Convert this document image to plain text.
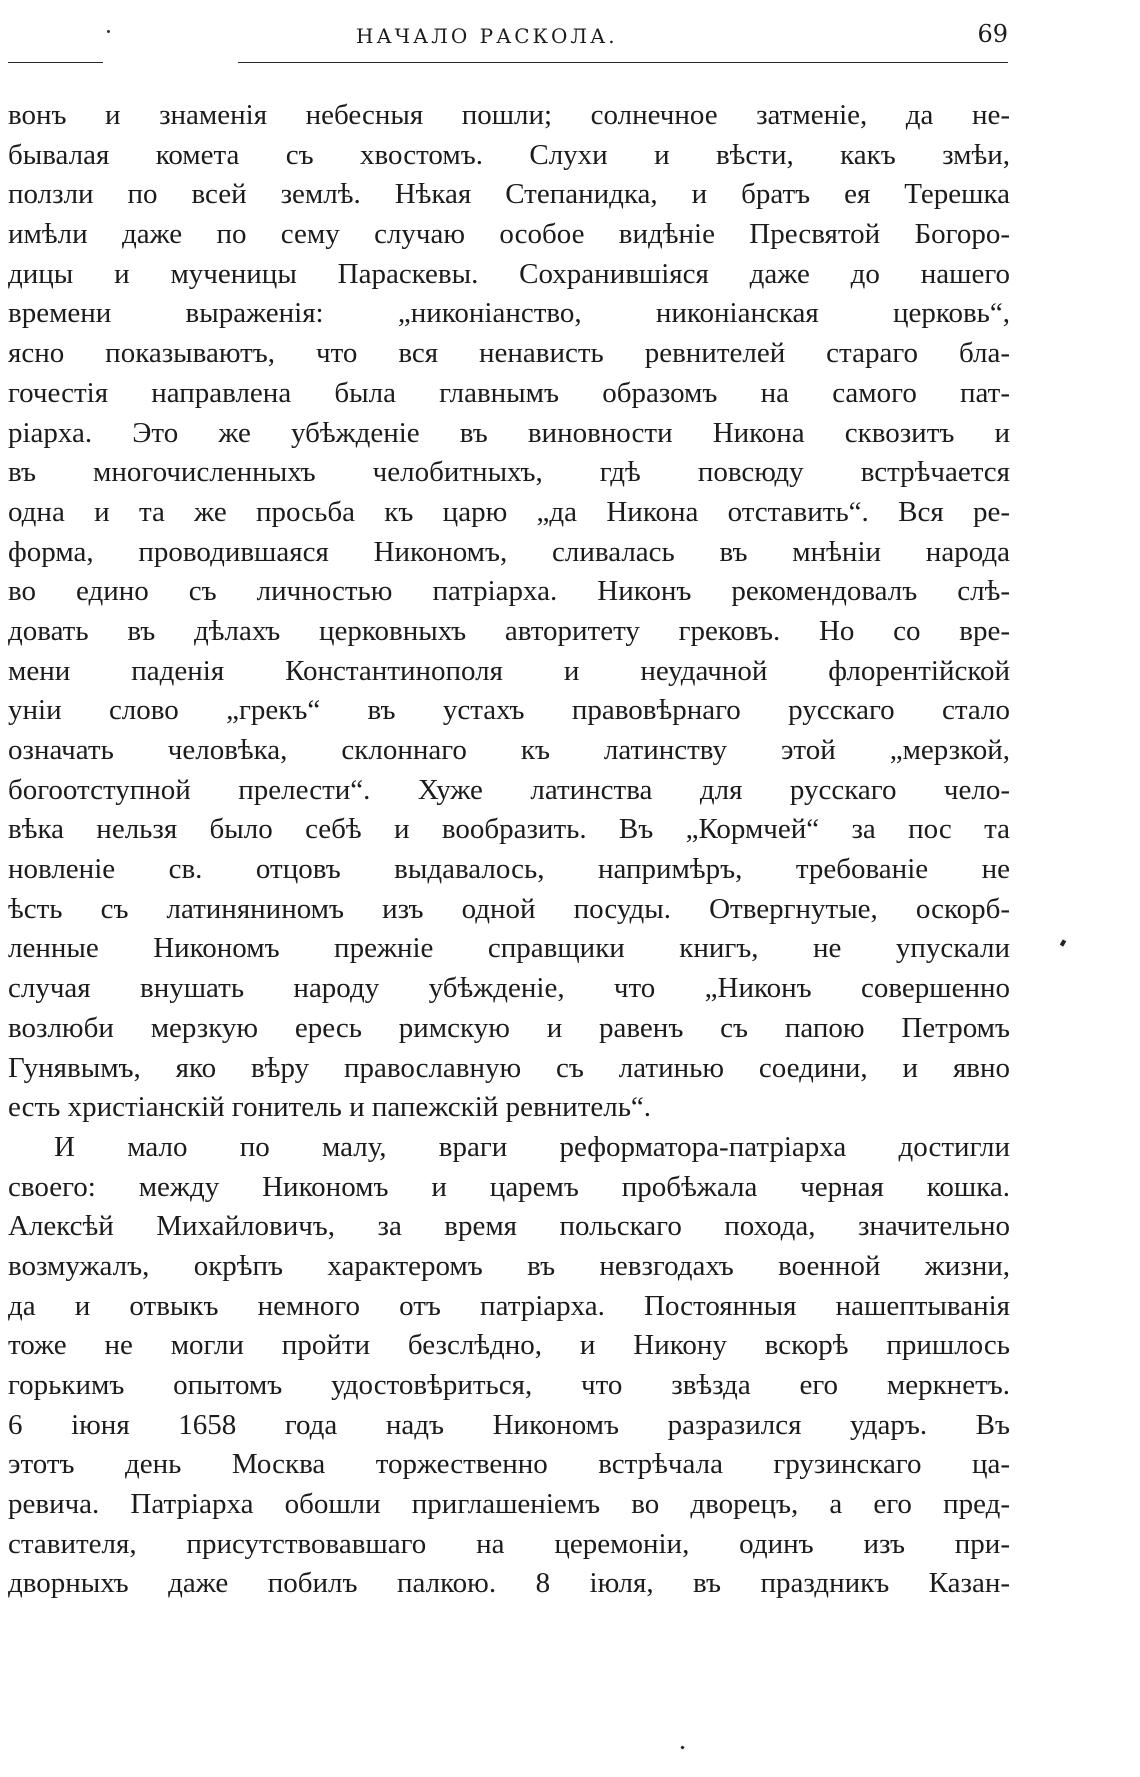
НАЧАЛО РАСКОЛА.	69
вонъ и знаменія небесныя пошли; солнечное затменіе, да не-
бывалая комета съ хвостомъ. Слухи и вѣсти, какъ змѣи,
ползли по всей землѣ. Нѣкая Степанидка, и братъ ея Терешка
имѣли даже по сему случаю особое видѣніе Пресвятой Богоро-
дицы и мученицы Параскевы. Сохранившіяся даже до нашего
времени выраженія: „никоніанство, никоніанская церковь“,
ясно показываютъ, что вся ненависть ревнителей стараго бла-
гочестія направлена была главнымъ образомъ на самого пат-
ріарха. Это же убѣжденіе въ виновности Никона сквозитъ и
въ многочисленныхъ челобитныхъ, гдѣ повсюду встрѣчается
одна и та же просьба къ царю „да Никона отставить“. Вся ре-
форма, проводившаяся Никономъ, сливалась въ мнѣніи народа
во едино съ личностью патріарха. Никонъ рекомендовалъ слѣ-
довать въ дѣлахъ церковныхъ авторитету грековъ. Но со вре-
мени паденія Константинополя и неудачной флорентійской
уніи слово „грекъ“ въ устахъ правовѣрнаго русскаго стало
означать человѣка, склоннаго къ латинству этой „мерзкой,
богоотступной прелести“. Хуже латинства для русскаго чело-
вѣка нельзя было себѣ и вообразить. Въ „Кормчей“ за пос та
новленіе св. отцовъ выдавалось, напримѣръ, требованіе не
ѣсть съ латиняниномъ изъ одной посуды. Отвергнутые, оскорб-
ленные Никономъ прежніе справщики книгъ, не упускали
случая внушать народу убѣжденіе, что „Никонъ совершенно
возлюби мерзкую ересь римскую и равенъ съ папою Петромъ
Гунявымъ, яко вѣру православную съ латинью соедини, и явно
есть христіанскій гонитель и папежскій ревнитель“.
И мало по малу, враги реформатора-патріарха достигли
своего: между Никономъ и царемъ пробѣжала черная кошка.
Алексѣй Михайловичъ, за время польскаго похода, значительно
возмужалъ, окрѣпъ характеромъ въ невзгодахъ военной жизни,
да и отвыкъ немного отъ патріарха. Постоянныя нашептыванія
тоже не могли пройти безслѣдно, и Никону вскорѣ пришлось
горькимъ опытомъ удостовѣриться, что звѣзда его меркнетъ.
6 іюня 1658 года надъ Никономъ разразился ударъ. Въ
этотъ день Москва торжественно встрѣчала грузинскаго ца-
ревича. Патріарха обошли приглашеніемъ во дворецъ, а его пред-
ставителя, присутствовавшаго на церемоніи, одинъ изъ при-
дворныхъ даже побилъ палкою. 8 іюля, въ праздникъ Казан-
